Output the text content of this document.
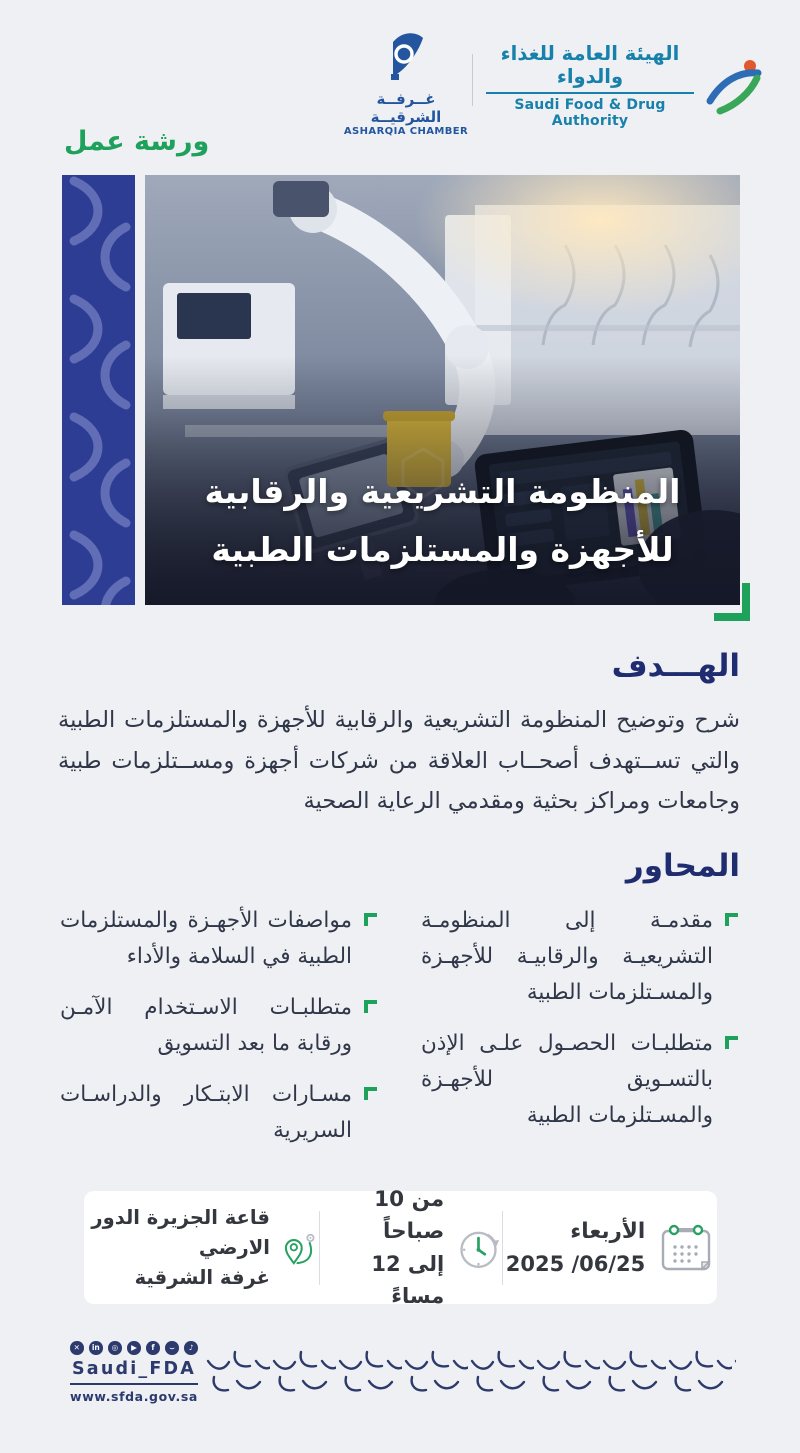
غــرفــة الشرقيــة
ASHARQIA CHAMBER
الهيئة العامة للغذاء والدواء
Saudi Food & Drug Authority
ورشة عمل
المنظومة التشريعية والرقابية
للأجهزة والمستلزمات الطبية
الهـــدف
شرح وتوضيح المنظومة التشريعية والرقابية للأجهزة والمستلزمات الطبية والتي تســتهدف أصحــاب العلاقة من شركات أجهزة ومســتلزمات طبية وجامعات ومراكز بحثية ومقدمي الرعاية الصحية
المحاور
مقدمـة إلى المنظومـة التشريعيـة والرقابيـة للأجهـزة والمسـتلزمات الطبية
متطلبـات الحصـول علـى الإذن بالتسـويق للأجهـزة والمسـتلزمات الطبية
مواصفات الأجهـزة والمستلزمات الطبية في السلامة والأداء
متطلبـات الاسـتخدام الآمـن ورقابة ما بعد التسويق
مسـارات الابتـكار والدراسـات السريرية
الأربعاء
2025 /06/25
من 10 صباحاً
إلى 12 مساءً
قاعة الجزيرة الدور الارضي
غرفة الشرقية
✕	in	◎	▶	f	⌣	♪
Saudi_FDA
www.sfda.gov.sa
